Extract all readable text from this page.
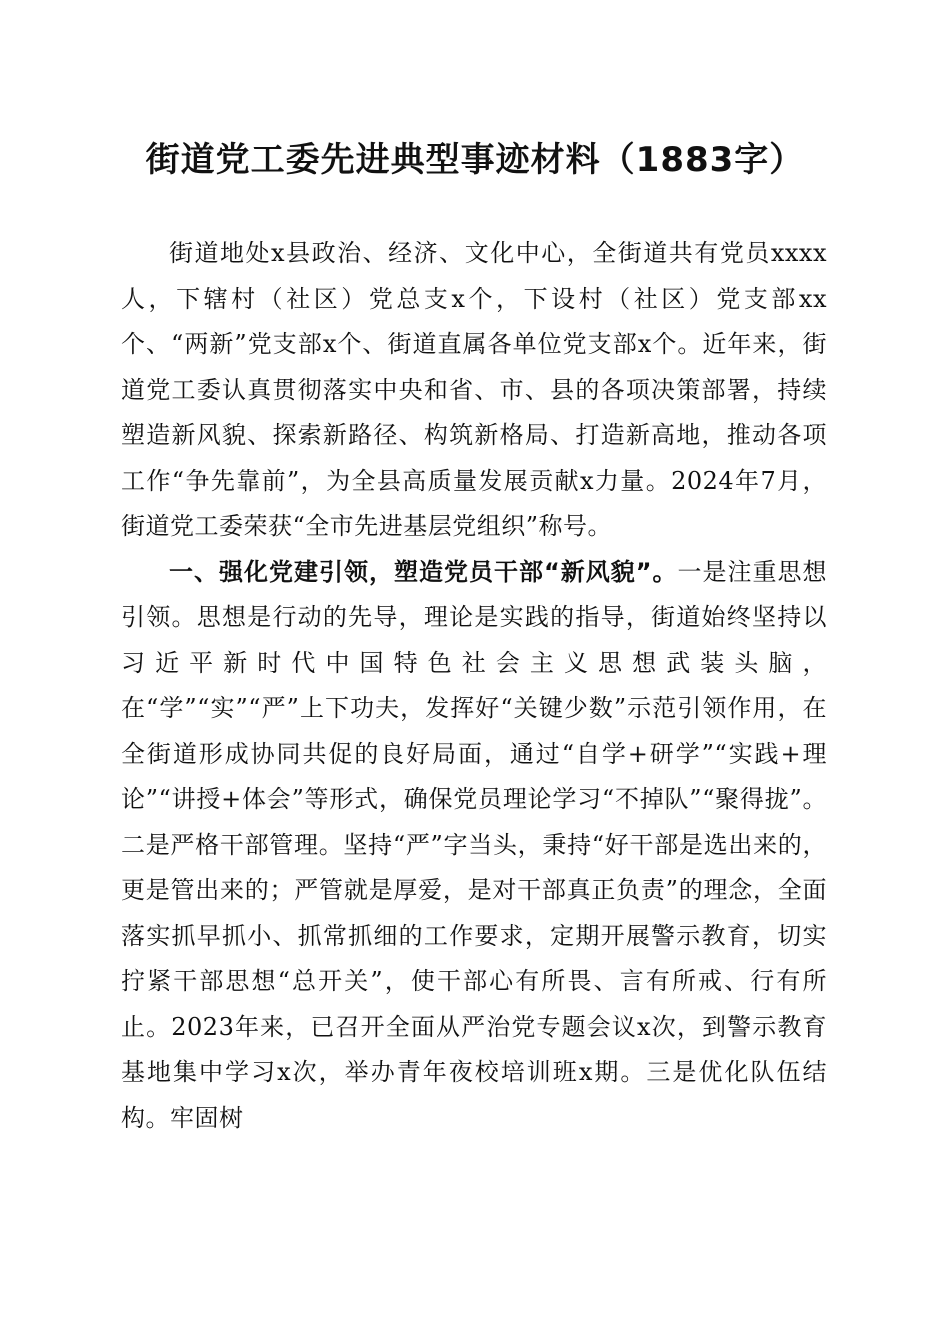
街道党工委先进典型事迹材料（1883字）

街道地处x县政治、经济、文化中心，全街道共有党员xxxx人，下辖村（社区）党总支x个，下设村（社区）党支部xx个、“两新”党支部x个、街道直属各单位党支部x个。近年来，街道党工委认真贯彻落实中央和省、市、县的各项决策部署，持续塑造新风貌、探索新路径、构筑新格局、打造新高地，推动各项工作“争先靠前”，为全县高质量发展贡献x力量。2024年7月，街道党工委荣获“全市先进基层党组织”称号。

一、强化党建引领，塑造党员干部“新风貌”。一是注重思想引领。思想是行动的先导，理论是实践的指导，街道始终坚持以习近平新时代中国特色社会主义思想武装头脑，在“学”“实”“严”上下功夫，发挥好“关键少数”示范引领作用，在全街道形成协同共促的良好局面，通过“自学+研学”“实践+理论”“讲授+体会”等形式，确保党员理论学习“不掉队”“聚得拢”。二是严格干部管理。坚持“严”字当头，秉持“好干部是选出来的，更是管出来的；严管就是厚爱，是对干部真正负责”的理念，全面落实抓早抓小、抓常抓细的工作要求，定期开展警示教育，切实拧紧干部思想“总开关”，使干部心有所畏、言有所戒、行有所止。2023年来，已召开全面从严治党专题会议x次，到警示教育基地集中学习x次，举办青年夜校培训班x期。三是优化队伍结构。牢固树
